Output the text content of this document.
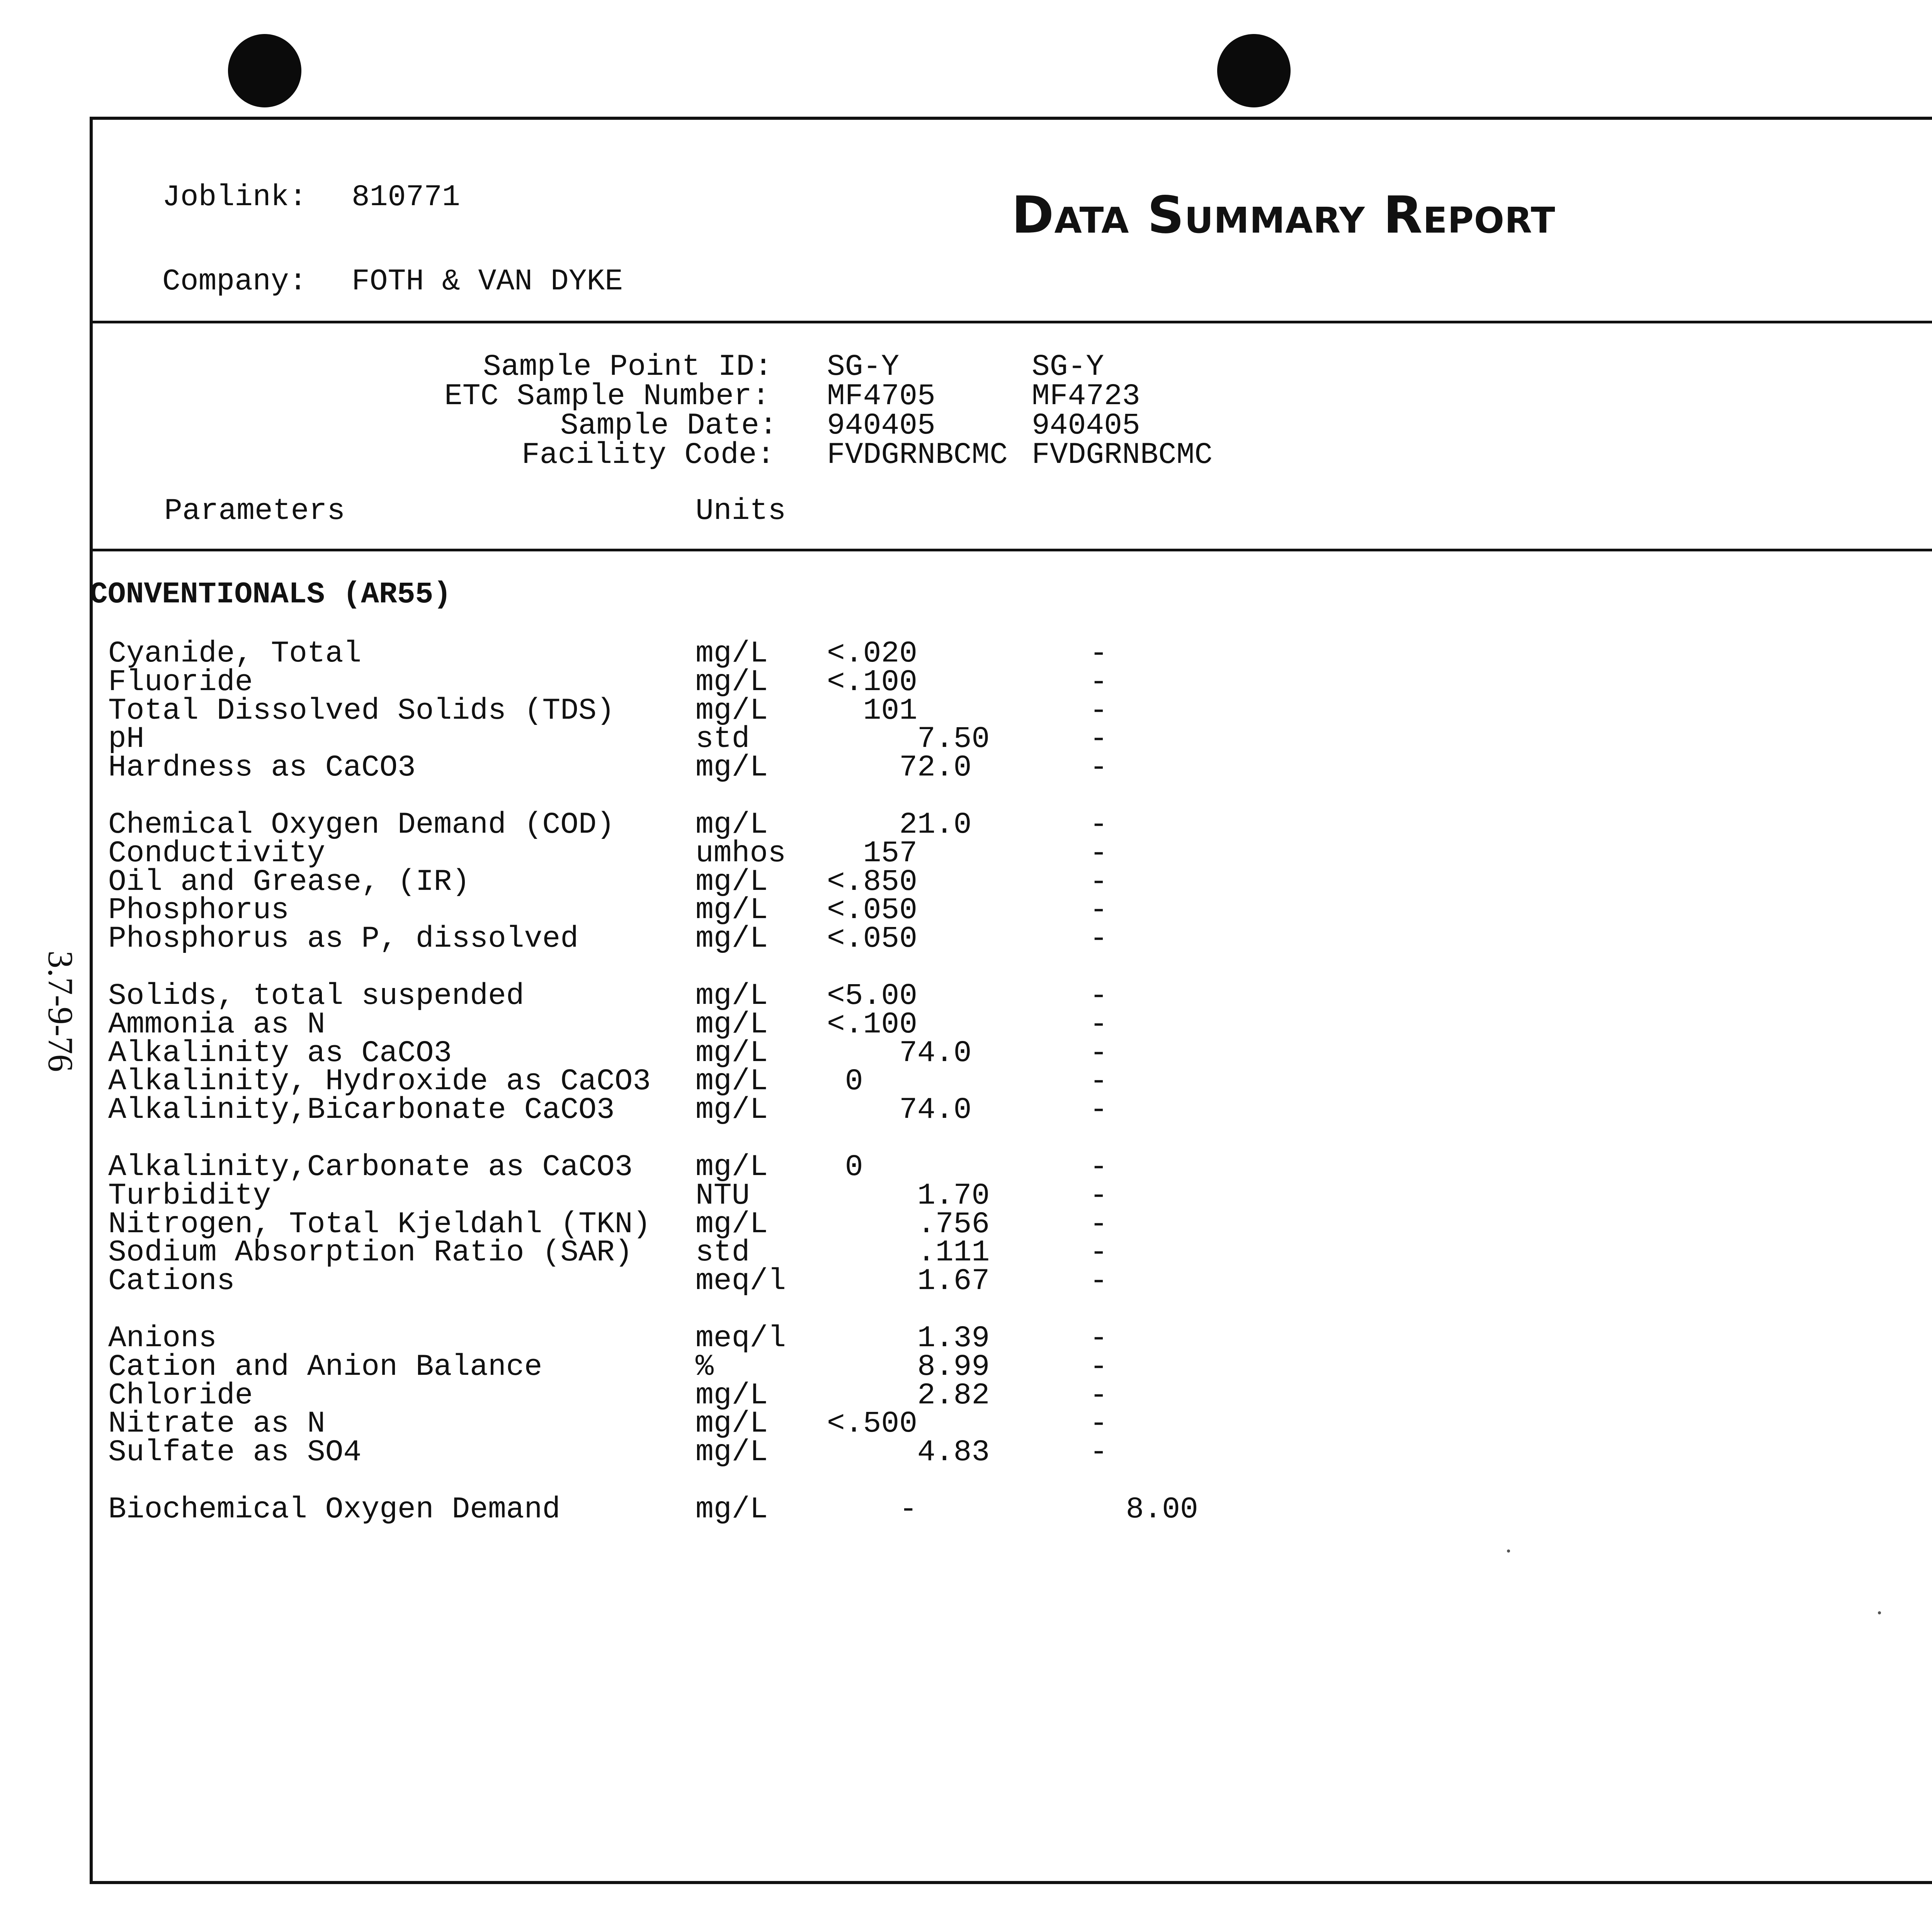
Joblink: 810771
Company: FOTH & VAN DYKE
Data Summary Report
Sample Point ID: SG-Y	SG-Y
ETC Sample Number: MF4705	MF4723
Sample Date: 940405	940405
Facility Code: FVDGRNBCMC FVDGRNBCMC
Parameters	Units
CONVENTIONALS (AR55)
Cyanide, Total	mg/L <.020	-
Fluoride	mg/L <.100	-
Total Dissolved Solids (TDS)	mg/L 101	-
pH	std	7.50	-
Hardness as CaCO3	mg/L 72.0	-
Chemical Oxygen Demand (COD)	mg/L 21.0	-
Conductivity	umhos 157	-
Oil and Grease, (IR)	mg/L <.850	-
Phosphorus	mg/L <.050	-
Phosphorus as P, dissolved	mg/L <.050	-
Solids, total suspended	mg/L <5.00	-
Ammonia as N	mg/L <.100	-
Alkalinity as CaCO3	mg/L 74.0	-
Alkalinity, Hydroxide as CaCO3 mg/L 0	-
Alkalinity,Bicarbonate CaCO3	mg/L 74.0	-
Alkalinity,Carbonate as CaCO3 mg/L 0	-
Turbidity	NTU	1.70	-
Nitrogen, Total Kjeldahl (TKN) mg/L .756	-
Sodium Absorption Ratio (SAR) std	.111	-
Cations	meq/l 1.67	-
Anions	meq/l 1.39	-
Cation and Anion Balance	%	8.99	-
Chloride	mg/L 2.82	-
Nitrate as N	mg/L <.500	-
Sulfate as SO4	mg/L 4.83	-
Biochemical Oxygen Demand	mg/L -	8.00
3.7-9-76
